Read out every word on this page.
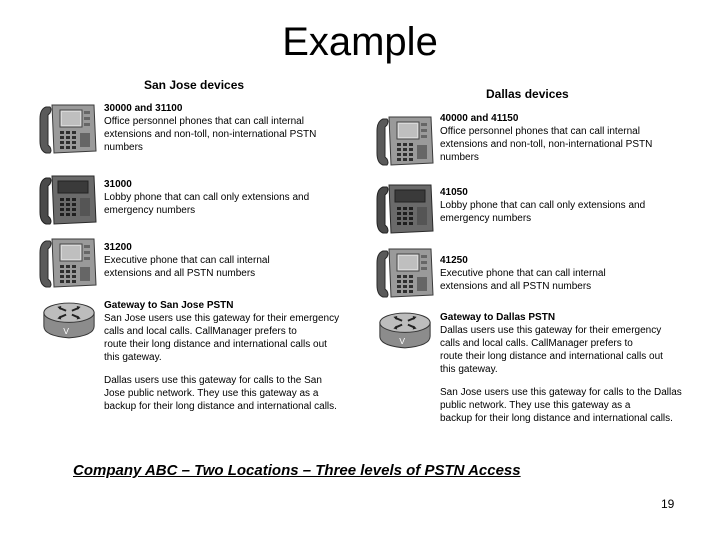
Example
San Jose devices
30000 and 31100
Office personnel phones that can call internal
extensions and non-toll, non-international PSTN
numbers
31000
Lobby phone that can call only extensions and
emergency numbers
31200
Executive phone that can call internal
extensions and all PSTN numbers
Gateway to San Jose PSTN
San Jose users use this gateway for their emergency
calls and local calls. CallManager prefers to
route their long distance and international calls out
this gateway.
Dallas users use this gateway for calls to the San
Jose public network. They use this gateway as a
backup for their long distance and international calls.
Dallas devices
40000 and 41150
Office personnel phones that can call internal
extensions and non-toll, non-international PSTN
numbers
41050
Lobby phone that can call only extensions and
emergency numbers
41250
Executive phone that can call internal
extensions and all PSTN numbers
Gateway to Dallas PSTN
Dallas users use this gateway for their emergency
calls and local calls. CallManager prefers to
route their long distance and international calls out
this gateway.
San Jose users use this gateway for calls to the Dallas
public network. They use this gateway as a
backup for their long distance and international calls.
Company ABC – Two Locations – Three levels of PSTN Access
19
